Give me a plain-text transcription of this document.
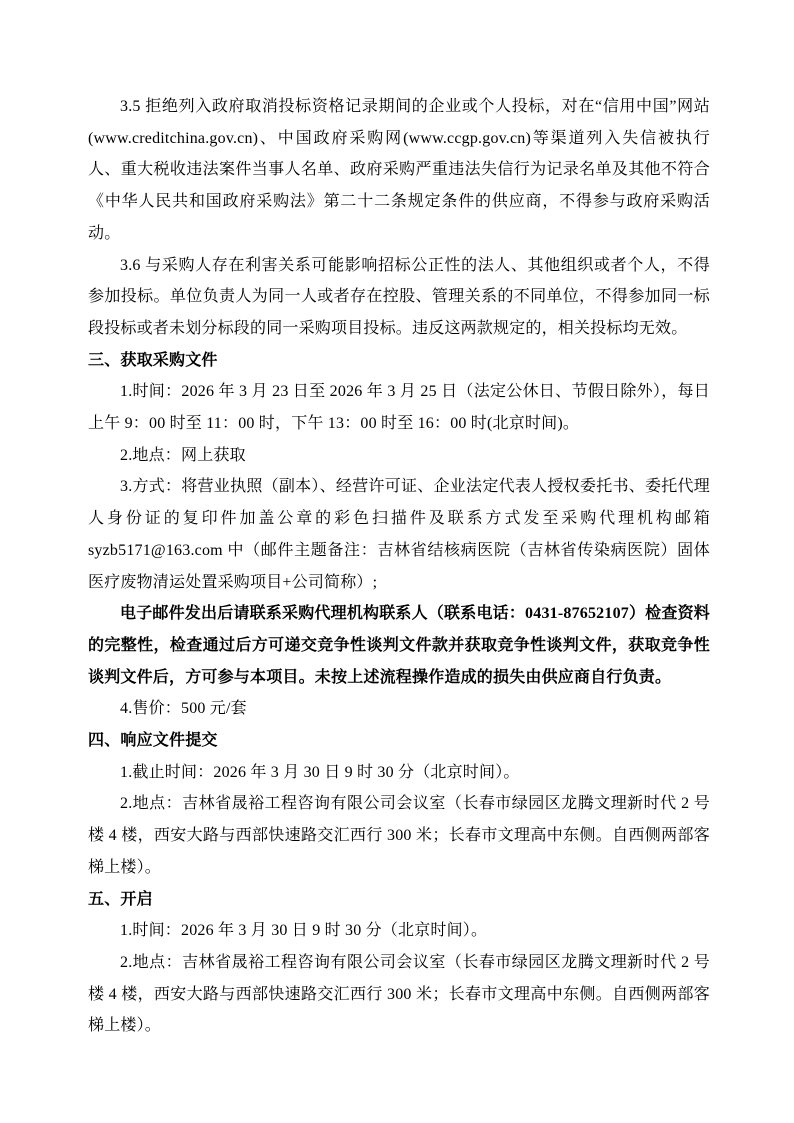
3.5 拒绝列入政府取消投标资格记录期间的企业或个人投标，对在“信用中国”网站(www.creditchina.gov.cn)、中国政府采购网(www.ccgp.gov.cn)等渠道列入失信被执行人、重大税收违法案件当事人名单、政府采购严重违法失信行为记录名单及其他不符合《中华人民共和国政府采购法》第二十二条规定条件的供应商，不得参与政府采购活动。

3.6 与采购人存在利害关系可能影响招标公正性的法人、其他组织或者个人，不得参加投标。单位负责人为同一人或者存在控股、管理关系的不同单位，不得参加同一标段投标或者未划分标段的同一采购项目投标。违反这两款规定的，相关投标均无效。

三、获取采购文件

1.时间：2026 年 3 月 23 日至 2026 年 3 月 25 日（法定公休日、节假日除外），每日上午 9：00 时至 11：00 时，下午 13：00 时至 16：00 时(北京时间)。

2.地点：网上获取

3.方式：将营业执照（副本）、经营许可证、企业法定代表人授权委托书、委托代理人身份证的复印件加盖公章的彩色扫描件及联系方式发至采购代理机构邮箱syzb5171@163.com 中（邮件主题备注：吉林省结核病医院（吉林省传染病医院）固体医疗废物清运处置采购项目+公司简称）;

电子邮件发出后请联系采购代理机构联系人（联系电话：0431-87652107）检查资料的完整性，检查通过后方可递交竞争性谈判文件款并获取竞争性谈判文件，获取竞争性谈判文件后，方可参与本项目。未按上述流程操作造成的损失由供应商自行负责。

4.售价：500 元/套

四、响应文件提交

1.截止时间：2026 年 3 月 30 日 9 时 30 分（北京时间）。

2.地点：吉林省晟裕工程咨询有限公司会议室（长春市绿园区龙腾文理新时代 2 号楼 4 楼，西安大路与西部快速路交汇西行 300 米；长春市文理高中东侧。自西侧两部客梯上楼）。

五、开启

1.时间：2026 年 3 月 30 日 9 时 30 分（北京时间）。

2.地点：吉林省晟裕工程咨询有限公司会议室（长春市绿园区龙腾文理新时代 2 号楼 4 楼，西安大路与西部快速路交汇西行 300 米；长春市文理高中东侧。自西侧两部客梯上楼）。
